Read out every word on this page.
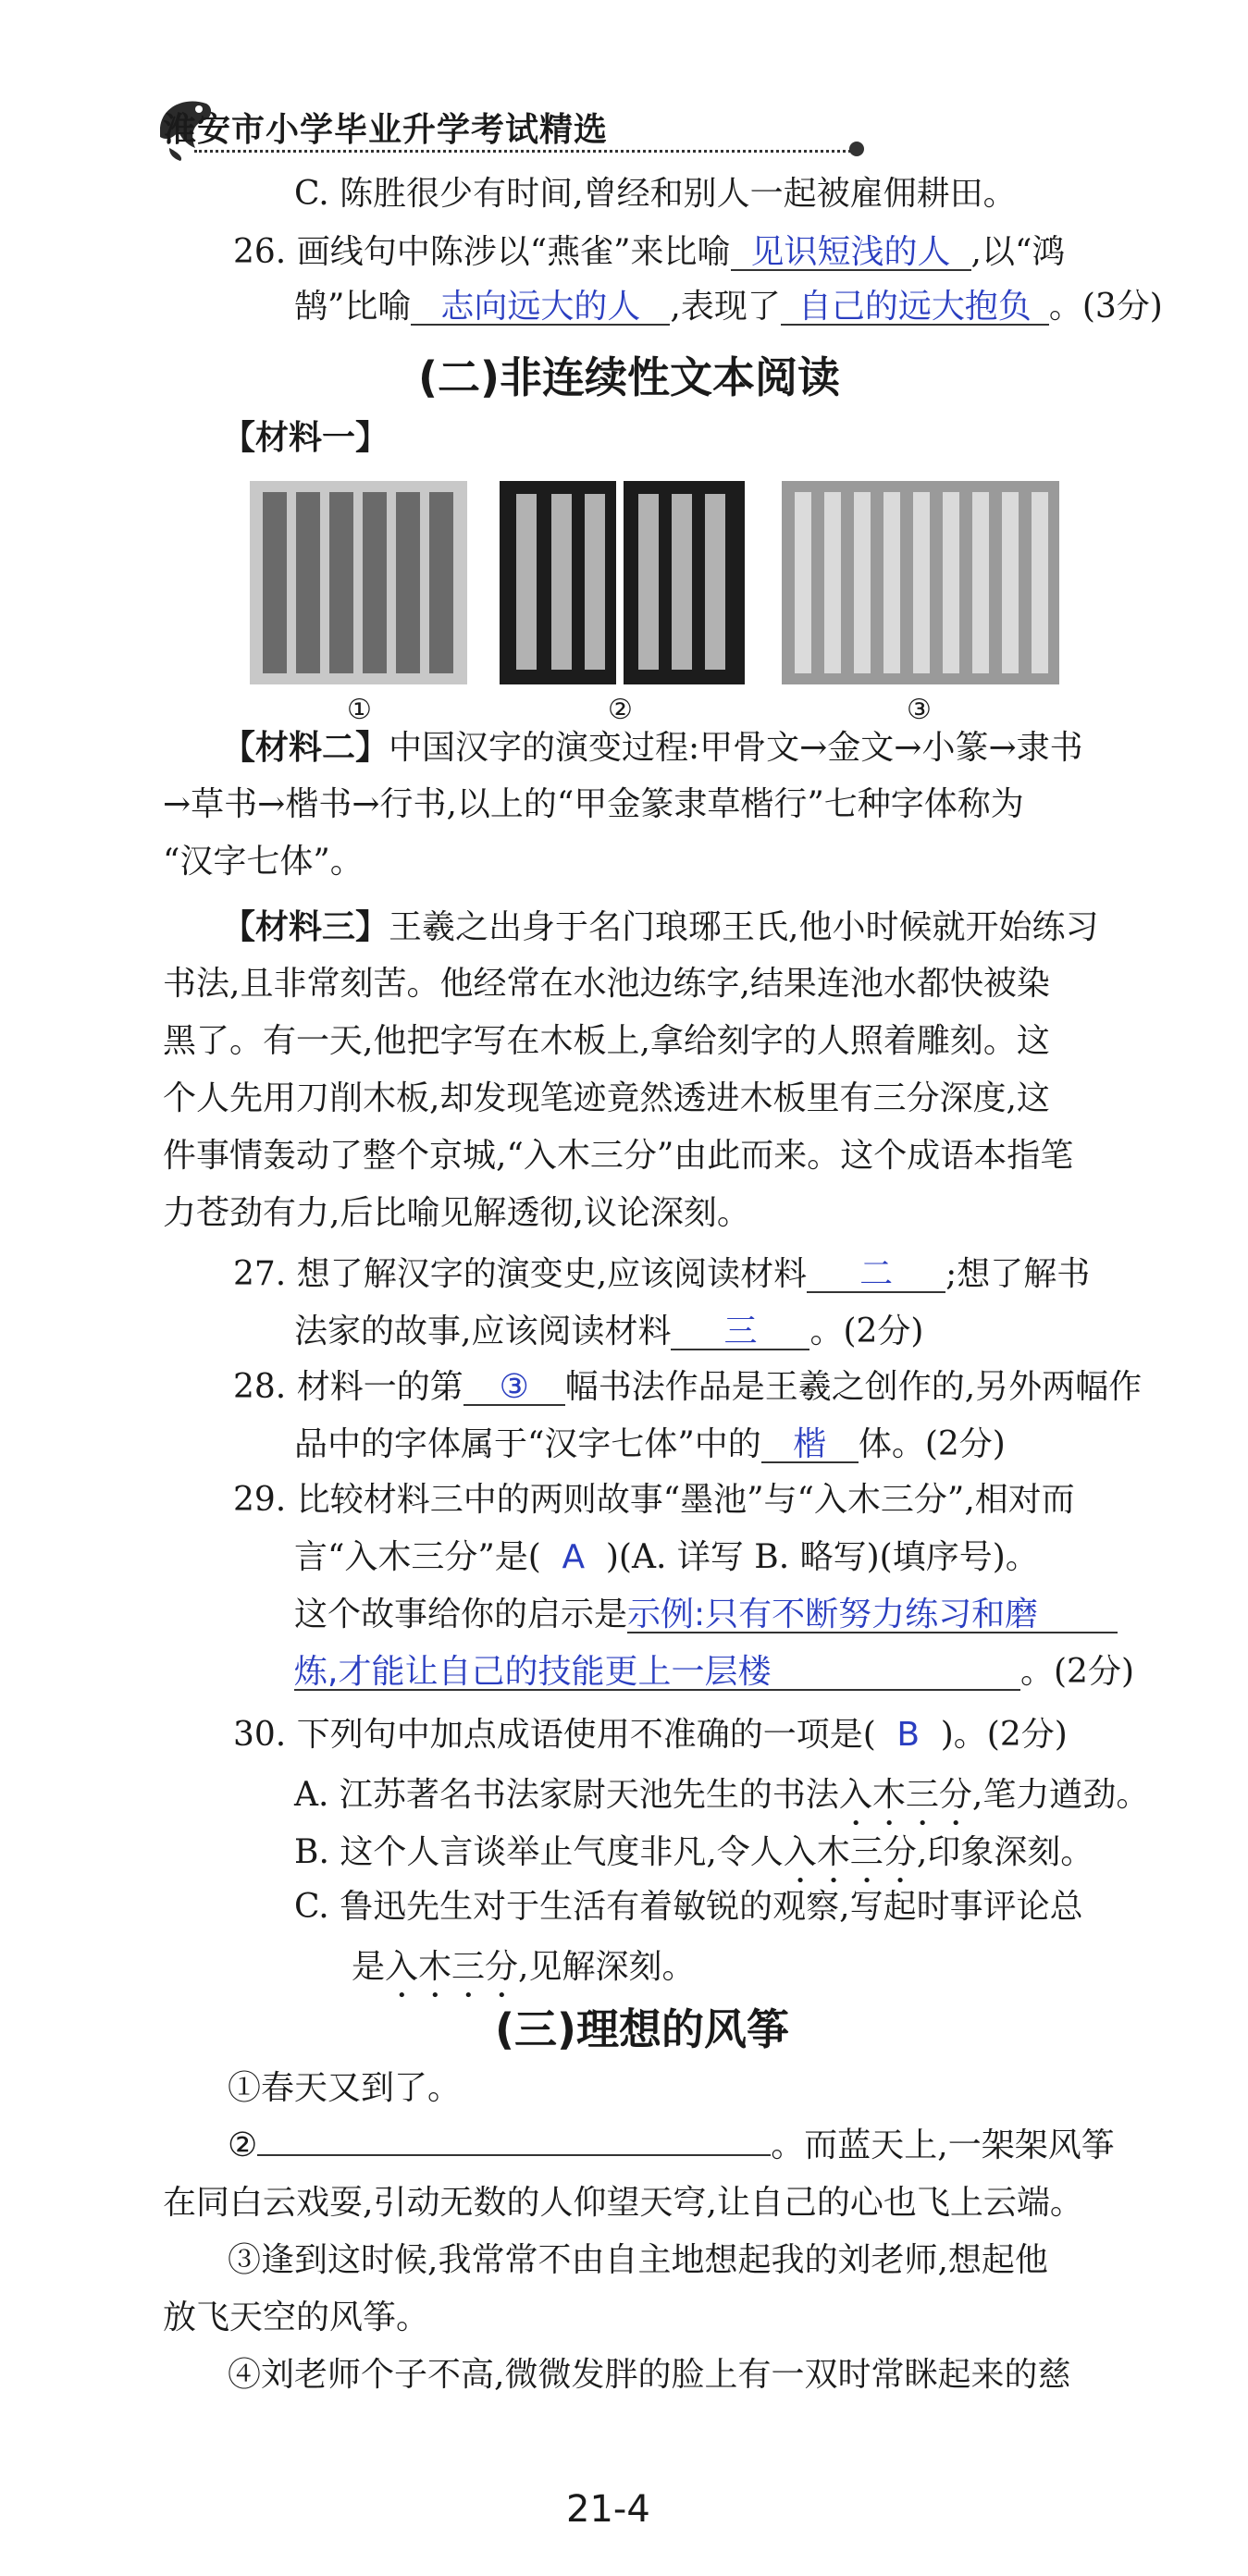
淮安市小学毕业升学考试精选
C. 陈胜很少有时间,曾经和别人一起被雇佣耕田。
26. 画线句中陈涉以“燕雀”来比喻 见识短浅的人 ,以“鸿
鹄”比喻 志向远大的人 ,表现了 自己的远大抱负 。(3分)
(二)非连续性文本阅读
【材料一】
①	②	③
【材料二】中国汉字的演变过程:甲骨文→金文→小篆→隶书
→草书→楷书→行书,以上的“甲金篆隶草楷行”七种字体称为
“汉字七体”。
【材料三】王羲之出身于名门琅琊王氏,他小时候就开始练习
书法,且非常刻苦。他经常在水池边练字,结果连池水都快被染
黑了。有一天,他把字写在木板上,拿给刻字的人照着雕刻。这
个人先用刀削木板,却发现笔迹竟然透进木板里有三分深度,这
件事情轰动了整个京城,“入木三分”由此而来。这个成语本指笔
力苍劲有力,后比喻见解透彻,议论深刻。
27. 想了解汉字的演变史,应该阅读材料 二 ;想了解书
法家的故事,应该阅读材料 三 。(2分)
28. 材料一的第 ③ 幅书法作品是王羲之创作的,另外两幅作
品中的字体属于“汉字七体”中的 楷 体。(2分)
29. 比较材料三中的两则故事“墨池”与“入木三分”,相对而
言“入木三分”是( A )(A. 详写 B. 略写)(填序号)。
这个故事给你的启示是示例:只有不断努力练习和磨
炼,才能让自己的技能更上一层楼	。(2分)
30. 下列句中加点成语使用不准确的一项是( B )。(2分)
A. 江苏著名书法家尉天池先生的书法入木三分,笔力遒劲。
B. 这个人言谈举止气度非凡,令人入木三分,印象深刻。
C. 鲁迅先生对于生活有着敏锐的观察,写起时事评论总
是入木三分,见解深刻。
(三)理想的风筝
①春天又到了。
②	。而蓝天上,一架架风筝
在同白云戏耍,引动无数的人仰望天穹,让自己的心也飞上云端。
③逢到这时候,我常常不由自主地想起我的刘老师,想起他
放飞天空的风筝。
④刘老师个子不高,微微发胖的脸上有一双时常眯起来的慈
21-4
